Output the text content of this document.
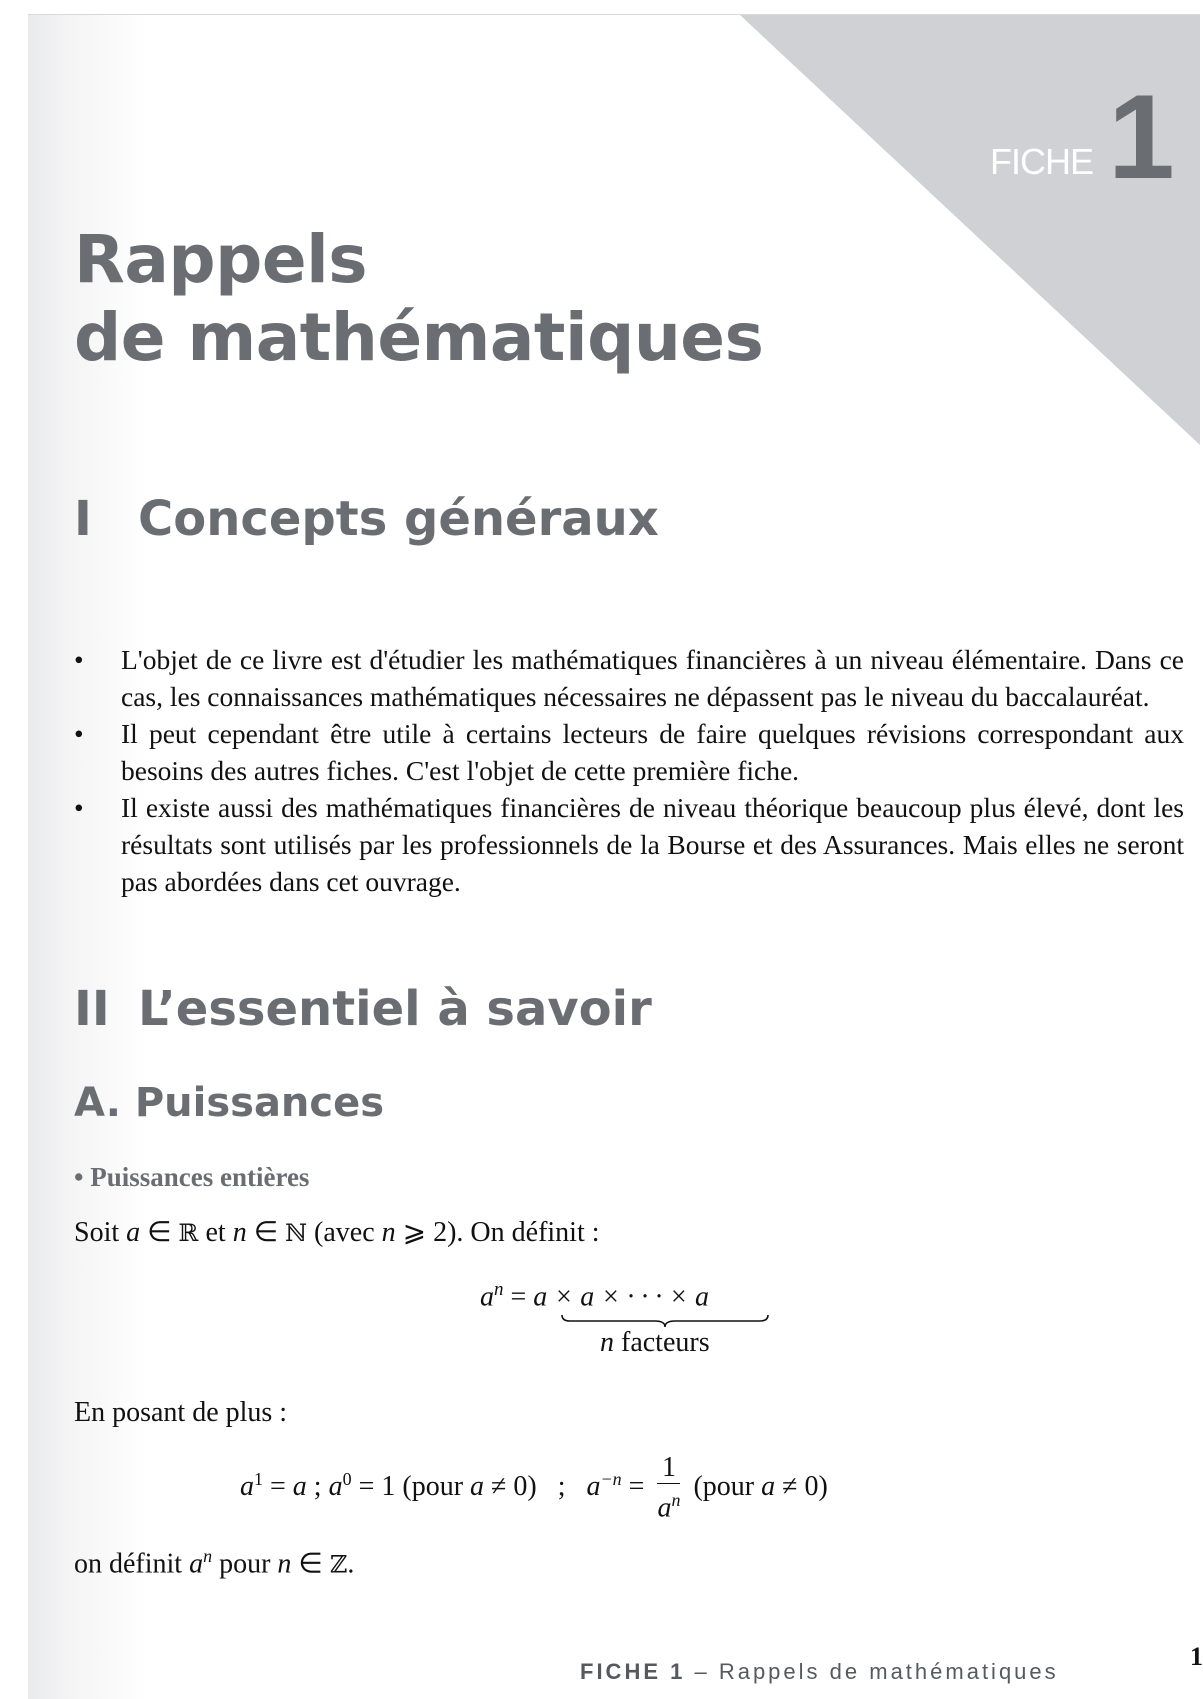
FICHE 1
Rappels
de mathématiques
I Concepts généraux
• L'objet de ce livre est d'étudier les mathématiques financières à un niveau élémentaire. Dans ce cas, les connaissances mathématiques nécessaires ne dépassent pas le niveau du baccalauréat.
• Il peut cependant être utile à certains lecteurs de faire quelques révisions correspondant aux besoins des autres fiches. C'est l'objet de cette première fiche.
• Il existe aussi des mathématiques financières de niveau théorique beaucoup plus élevé, dont les résultats sont utilisés par les professionnels de la Bourse et des Assurances. Mais elles ne seront pas abordées dans cet ouvrage.
II L’essentiel à savoir
A. Puissances
• Puissances entières
Soit a ∈ ℝ et n ∈ ℕ (avec n ⩾ 2). On définit :
$a^n = a \times a$ × · · · × a
n facteurs
En posant de plus :
$a^1 = a$ ; $a^0 = 1$ (pour a ≠ 0)   ;   $a^{-n} = \frac{1}{a^n}$ (pour a ≠ 0)
on définit $a^n$ pour n ∈ ℤ.
FICHE 1 – Rappels de mathématiques
1
